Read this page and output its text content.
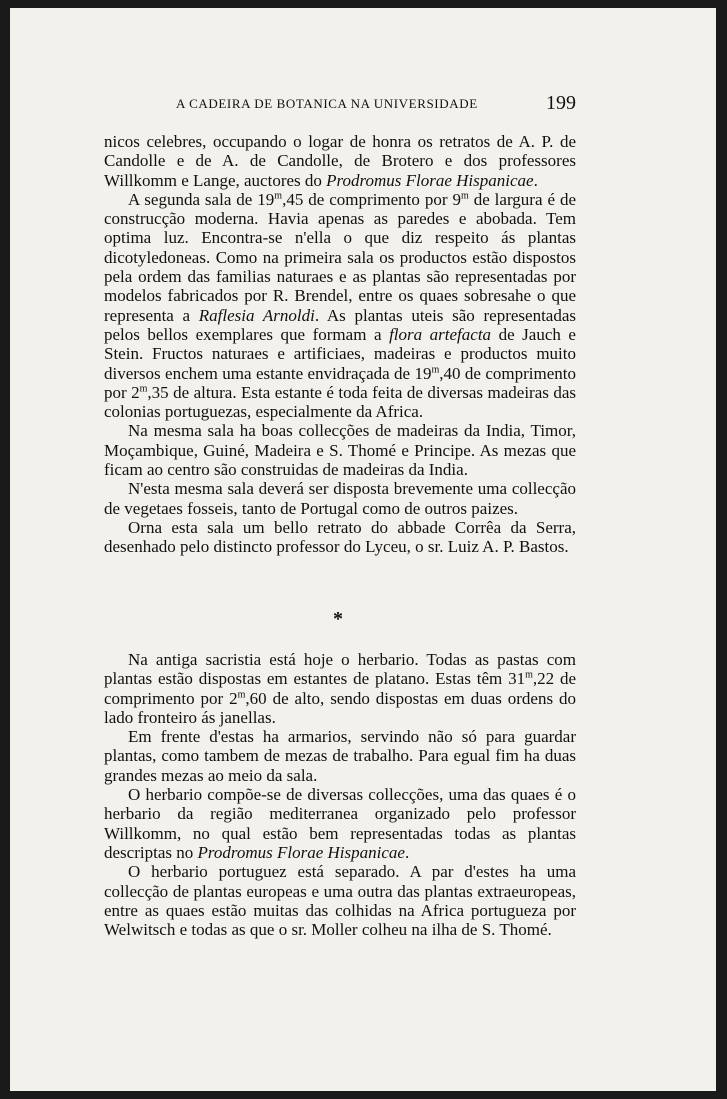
A CADEIRA DE BOTANICA NA UNIVERSIDADE	199

nicos celebres, occupando o logar de honra os retratos de A. P. de Candolle e de A. de Candolle, de Brotero e dos professores Willkomm e Lange, auctores do Prodromus Florae Hispanicae.

A segunda sala de 19$^m$,45 de comprimento por 9$^m$ de largura é de construcção moderna. Havia apenas as paredes e abobada. Tem optima luz. Encontra-se n'ella o que diz respeito ás plantas dicotyledoneas. Como na primeira sala os productos estão dispostos pela ordem das familias naturaes e as plantas são representadas por modelos fabricados por R. Brendel, entre os quaes sobresahe o que representa a Raflesia Arnoldi. As plantas uteis são representadas pelos bellos exemplares que formam a flora artefacta de Jauch e Stein. Fructos naturaes e artificiaes, madeiras e productos muito diversos enchem uma estante envidraçada de 19$^m$,40 de comprimento por 2$^m$,35 de altura. Esta estante é toda feita de diversas madeiras das colonias portuguezas, especialmente da Africa.

Na mesma sala ha boas collecções de madeiras da India, Timor, Moçambique, Guiné, Madeira e S. Thomé e Principe. As mezas que ficam ao centro são construidas de madeiras da India.

N'esta mesma sala deverá ser disposta brevemente uma collecção de vegetaes fosseis, tanto de Portugal como de outros paizes.

Orna esta sala um bello retrato do abbade Corrêa da Serra, desenhado pelo distincto professor do Lyceu, o sr. Luiz A. P. Bastos.

*

Na antiga sacristia está hoje o herbario. Todas as pastas com plantas estão dispostas em estantes de platano. Estas têm 31$^m$,22 de comprimento por 2$^m$,60 de alto, sendo dispostas em duas ordens do lado fronteiro ás janellas.

Em frente d'estas ha armarios, servindo não só para guardar plantas, como tambem de mezas de trabalho. Para egual fim ha duas grandes mezas ao meio da sala.

O herbario compõe-se de diversas collecções, uma das quaes é o herbario da região mediterranea organizado pelo professor Willkomm, no qual estão bem representadas todas as plantas descriptas no Prodromus Florae Hispanicae.

O herbario portuguez está separado. A par d'estes ha uma collecção de plantas europeas e uma outra das plantas extraeuropeas, entre as quaes estão muitas das colhidas na Africa portugueza por Welwitsch e todas as que o sr. Moller colheu na ilha de S. Thomé.
